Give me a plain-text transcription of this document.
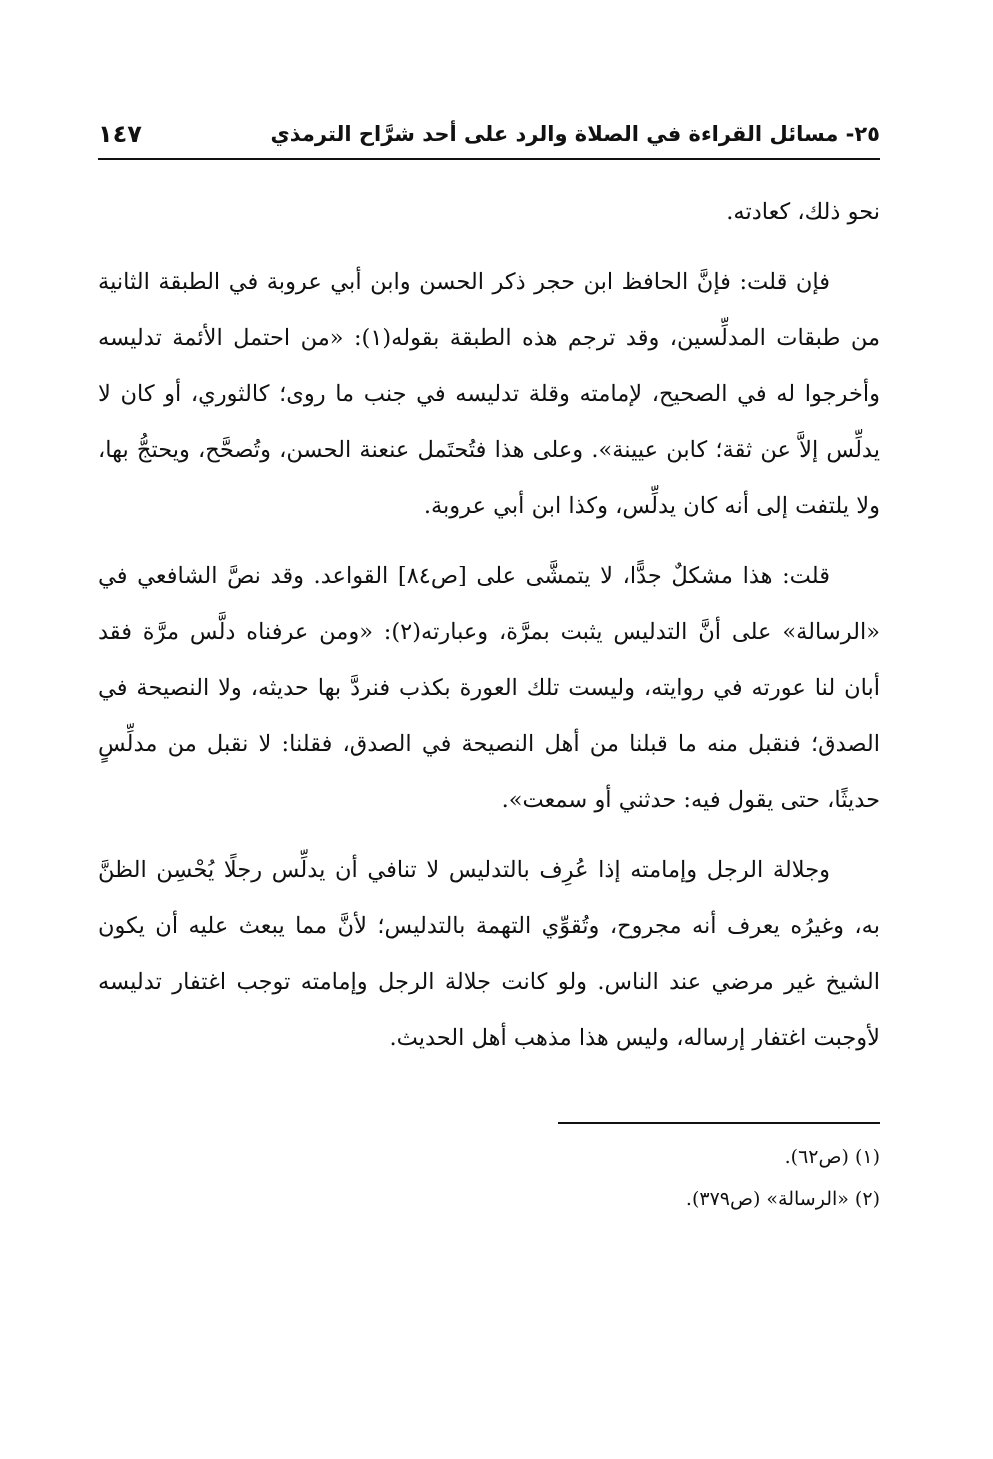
٢٥- مسائل القراءة في الصلاة والرد على أحد شرَّاح الترمذي
١٤٧

نحو ذلك، كعادته.

فإن قلت: فإنَّ الحافظ ابن حجر ذكر الحسن وابن أبي عروبة في الطبقة الثانية من طبقات المدلِّسين، وقد ترجم هذه الطبقة بقوله(١): «من احتمل الأئمة تدليسه وأخرجوا له في الصحيح، لإمامته وقلة تدليسه في جنب ما روى؛ كالثوري، أو كان لا يدلِّس إلاَّ عن ثقة؛ كابن عيينة». وعلى هذا فتُحتَمل عنعنة الحسن، وتُصحَّح، ويحتجُّ بها، ولا يلتفت إلى أنه كان يدلِّس، وكذا ابن أبي عروبة.

قلت: هذا مشكلٌ جدًّا، لا يتمشَّى على [ص٨٤] القواعد. وقد نصَّ الشافعي في «الرسالة» على أنَّ التدليس يثبت بمرَّة، وعبارته(٢): «ومن عرفناه دلَّس مرَّة فقد أبان لنا عورته في روايته، وليست تلك العورة بكذب فنردَّ بها حديثه، ولا النصيحة في الصدق؛ فنقبل منه ما قبلنا من أهل النصيحة في الصدق، فقلنا: لا نقبل من مدلِّسٍ حديثًا، حتى يقول فيه: حدثني أو سمعت».

وجلالة الرجل وإمامته إذا عُرِف بالتدليس لا تنافي أن يدلِّس رجلًا يُحْسِن الظنَّ به، وغيرُه يعرف أنه مجروح، وتُقوِّي التهمة بالتدليس؛ لأنَّ مما يبعث عليه أن يكون الشيخ غير مرضي عند الناس. ولو كانت جلالة الرجل وإمامته توجب اغتفار تدليسه لأوجبت اغتفار إرساله، وليس هذا مذهب أهل الحديث.

(١) (ص٦٢).
(٢) «الرسالة» (ص٣٧٩).
